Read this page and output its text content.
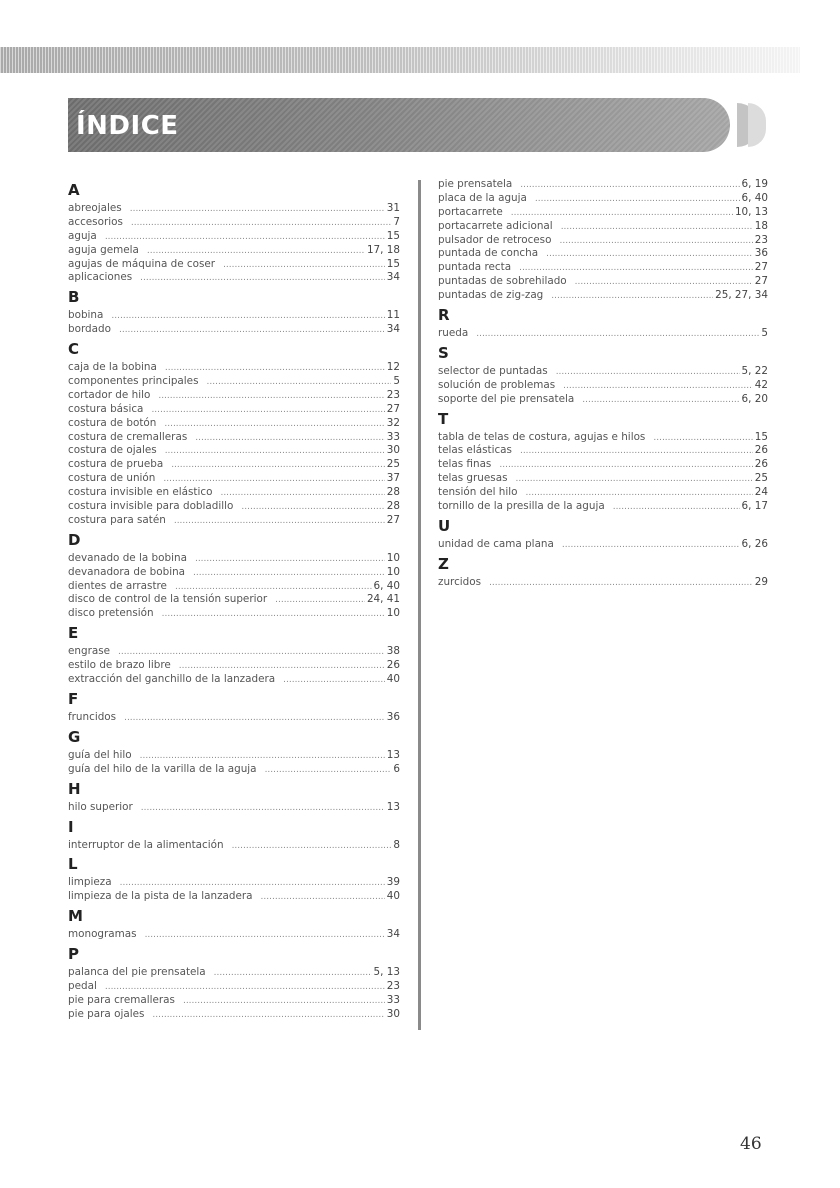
ÍNDICE
A
abreojales .....	31
accesorios .....	7
aguja .....	15
aguja gemela .....	17, 18
agujas de máquina de coser .....	15
aplicaciones .....	34
B
bobina .....	11
bordado .....	34
C
caja de la bobina .....	12
componentes principales .....	5
cortador de hilo .....	23
costura básica .....	27
costura de botón .....	32
costura de cremalleras .....	33
costura de ojales .....	30
costura de prueba .....	25
costura de unión .....	37
costura invisible en elástico .....	28
costura invisible para dobladillo .....	28
costura para satén .....	27
D
devanado de la bobina .....	10
devanadora de bobina .....	10
dientes de arrastre .....	6, 40
disco de control de la tensión superior .....	24, 41
disco pretensión .....	10
E
engrase .....	38
estilo de brazo libre .....	26
extracción del ganchillo de la lanzadera .....	40
F
fruncidos .....	36
G
guía del hilo .....	13
guía del hilo de la varilla de la aguja .....	6
H
hilo superior .....	13
I
interruptor de la alimentación .....	8
L
limpieza .....	39
limpieza de la pista de la lanzadera .....	40
M
monogramas .....	34
P
palanca del pie prensatela .....	5, 13
pedal .....	23
pie para cremalleras .....	33
pie para ojales .....	30
pie prensatela .....	6, 19
placa de la aguja .....	6, 40
portacarrete .....	10, 13
portacarrete adicional .....	18
pulsador de retroceso .....	23
puntada de concha .....	36
puntada recta .....	27
puntadas de sobrehilado .....	27
puntadas de zig-zag .....	25, 27, 34
R
rueda .....	5
S
selector de puntadas .....	5, 22
solución de problemas .....	42
soporte del pie prensatela .....	6, 20
T
tabla de telas de costura, agujas e hilos .....	15
telas elásticas .....	26
telas finas .....	26
telas gruesas .....	25
tensión del hilo .....	24
tornillo de la presilla de la aguja .....	6, 17
U
unidad de cama plana .....	6, 26
Z
zurcidos .....	29
46
